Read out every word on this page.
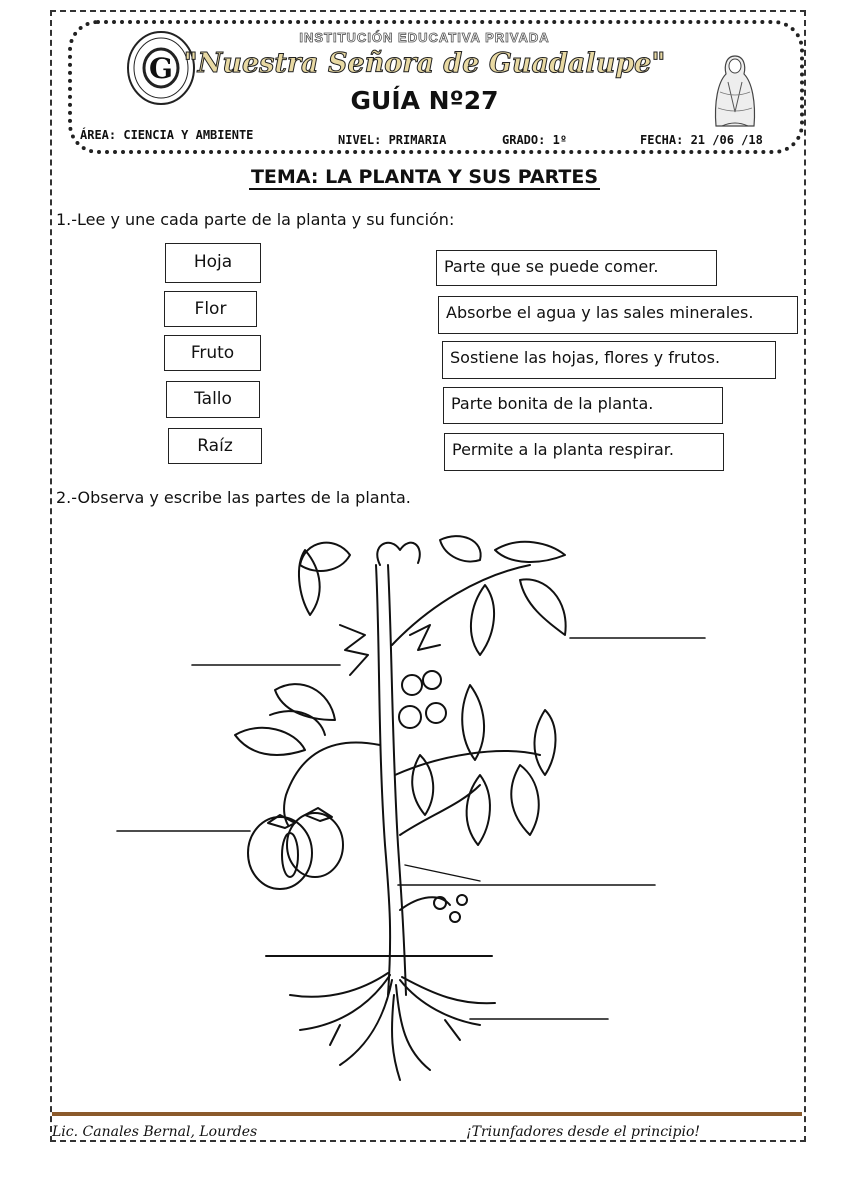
G
INSTITUCIÓN EDUCATIVA PRIVADA
"Nuestra Señora de Guadalupe"
GUÍA Nº27
ÁREA: CIENCIA Y AMBIENTE	NIVEL: PRIMARIA	GRADO: 1º	FECHA: 21 /06 /18
TEMA: LA PLANTA Y SUS PARTES
1.-Lee y une cada parte de la planta y su función:
Hoja
Flor
Fruto
Tallo
Raíz
Parte que se puede comer.
Absorbe el agua y las sales minerales.
Sostiene las hojas, flores y frutos.
Parte bonita de la planta.
Permite a la planta respirar.
2.-Observa y escribe las partes de la planta.
Lic. Canales Bernal, Lourdes	¡Triunfadores desde el principio!
